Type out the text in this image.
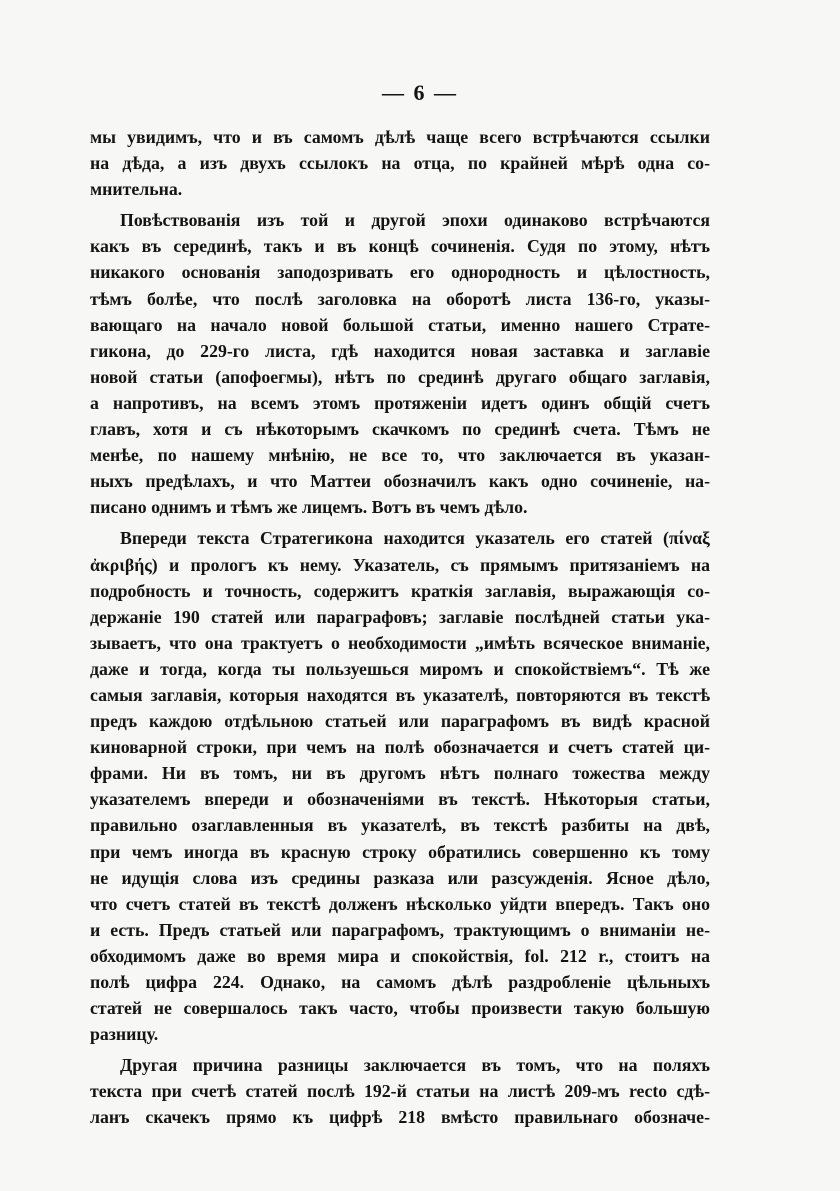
— 6 —
мы увидимъ, что и въ самомъ дѣлѣ чаще всего встрѣчаются ссылки
на дѣда, а изъ двухъ ссылокъ на отца, по крайней мѣрѣ одна со-
мнительна.
Повѣствованія изъ той и другой эпохи одинаково встрѣчаются
какъ въ серединѣ, такъ и въ концѣ сочиненія. Судя по этому, нѣтъ
никакого основанія заподозривать его однородность и цѣлостность,
тѣмъ болѣе, что послѣ заголовка на оборотѣ листа 136-го, указы-
вающаго на начало новой большой статьи, именно нашего Страте-
гикона, до 229-го листа, гдѣ находится новая заставка и заглавіе
новой статьи (апофоегмы), нѣтъ по срединѣ другаго общаго заглавія,
а напротивъ, на всемъ этомъ протяженіи идетъ одинъ общій счетъ
главъ, хотя и съ нѣкоторымъ скачкомъ по срединѣ счета. Тѣмъ не
менѣе, по нашему мнѣнію, не все то, что заключается въ указан-
ныхъ предѣлахъ, и что Маттеи обозначилъ какъ одно сочиненіе, на-
писано однимъ и тѣмъ же лицемъ. Вотъ въ чемъ дѣло.
Впереди текста Стратегикона находится указатель его статей (πίναξ
ἀκριβής) и прологъ къ нему. Указатель, съ прямымъ притязаніемъ на
подробность и точность, содержитъ краткія заглавія, выражающія со-
держаніе 190 статей или параграфовъ; заглавіе послѣдней статьи ука-
зываетъ, что она трактуетъ о необходимости „имѣть всяческое вниманіе,
даже и тогда, когда ты пользуешься миромъ и спокойствіемъ“. Тѣ же
самыя заглавія, которыя находятся въ указателѣ, повторяются въ текстѣ
предъ каждою отдѣльною статьей или параграфомъ въ видѣ красной
киноварной строки, при чемъ на полѣ обозначается и счетъ статей ци-
фрами. Ни въ томъ, ни въ другомъ нѣтъ полнаго тожества между
указателемъ впереди и обозначеніями въ текстѣ. Нѣкоторыя статьи,
правильно озаглавленныя въ указателѣ, въ текстѣ разбиты на двѣ,
при чемъ иногда въ красную строку обратились совершенно къ тому
не идущія слова изъ средины разказа или разсужденія. Ясное дѣло,
что счетъ статей въ текстѣ долженъ нѣсколько уйдти впередъ. Такъ оно
и есть. Предъ статьей или параграфомъ, трактующимъ о вниманіи не-
обходимомъ даже во время мира и спокойствія, fol. 212 r., стоитъ на
полѣ цифра 224. Однако, на самомъ дѣлѣ раздробленіе цѣльныхъ
статей не совершалось такъ часто, чтобы произвести такую большую
разницу.
Другая причина разницы заключается въ томъ, что на поляхъ
текста при счетѣ статей послѣ 192-й статьи на листѣ 209-мъ recto сдѣ-
ланъ скачекъ прямо къ цифрѣ 218 вмѣсто правильнаго обозначе-
